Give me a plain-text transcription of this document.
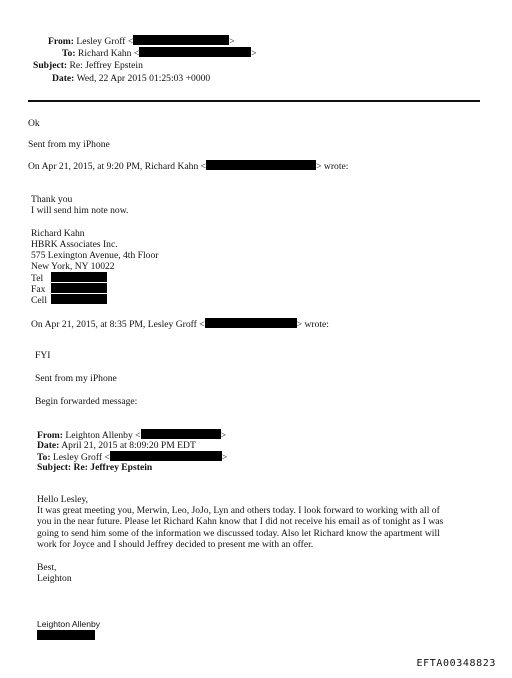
From: Lesley Groff <	>
To: Richard Kahn <	>
Subject: Re: Jeffrey Epstein
Date: Wed, 22 Apr 2015 01:25:03 +0000
Ok
Sent from my iPhone
On Apr 21, 2015, at 9:20 PM, Richard Kahn <	> wrote:
Thank you
I will send him note now.
Richard Kahn
HBRK Associates Inc.
575 Lexington Avenue, 4th Floor
New York, NY 10022
Tel
Fax
Cell
On Apr 21, 2015, at 8:35 PM, Lesley Groff <	> wrote:
FYI
Sent from my iPhone
Begin forwarded message:
From: Leighton Allenby <	>
Date: April 21, 2015 at 8:09:20 PM EDT
To: Lesley Groff <	>
Subject: Re: Jeffrey Epstein
Hello Lesley,
It was great meeting you, Merwin, Leo, JoJo, Lyn and others today. I look forward to working with all of
you in the near future. Please let Richard Kahn know that I did not receive his email as of tonight as I was
going to send him some of the information we discussed today. Also let Richard know the apartment will
work for Joyce and I should Jeffrey decided to present me with an offer.
Best,
Leighton
Leighton Allenby
EFTA00348823
